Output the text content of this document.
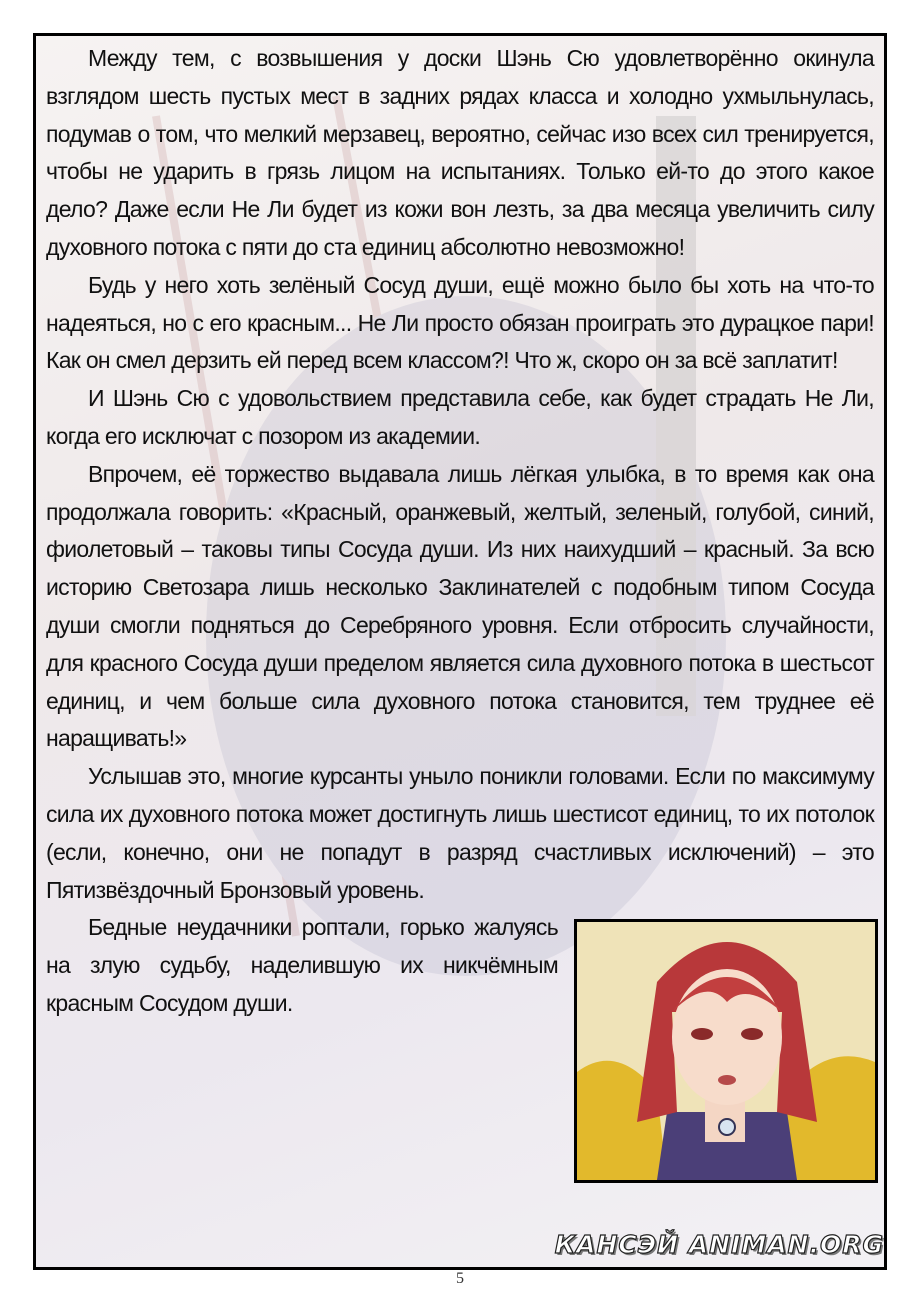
Между тем, с возвышения у доски Шэнь Сю удовлетворённо окинула взглядом шесть пустых мест в задних рядах класса и холодно ухмыльнулась, подумав о том, что мелкий мерзавец, вероятно, сейчас изо всех сил тренируется, чтобы не ударить в грязь лицом на испытаниях. Только ей-то до этого какое дело? Даже если Не Ли будет из кожи вон лезть, за два месяца увеличить силу духовного потока с пяти до ста единиц абсолютно невозможно!

Будь у него хоть зелёный Сосуд души, ещё можно было бы хоть на что-то надеяться, но с его красным... Не Ли просто обязан проиграть это дурацкое пари! Как он смел дерзить ей перед всем классом?! Что ж, скоро он за всё заплатит!

И Шэнь Сю с удовольствием представила себе, как будет страдать Не Ли, когда его исключат с позором из академии.

Впрочем, её торжество выдавала лишь лёгкая улыбка, в то время как она продолжала говорить: «Красный, оранжевый, желтый, зеленый, голубой, синий, фиолетовый – таковы типы Сосуда души. Из них наихудший – красный. За всю историю Светозара лишь несколько Заклинателей с подобным типом Сосуда души смогли подняться до Серебряного уровня. Если отбросить случайности, для красного Сосуда души пределом является сила духовного потока в шестьсот единиц, и чем больше сила духовного потока становится, тем труднее её наращивать!»

Услышав это, многие курсанты уныло поникли головами. Если по максимуму сила их духовного потока может достигнуть лишь шестисот единиц, то их потолок (если, конечно, они не попадут в разряд счастливых исключений) – это Пятизвёздочный Бронзовый уровень.

Бедные неудачники роптали, горько жалуясь на злую судьбу, наделившую их никчёмным красным Сосудом души.

КАНСЭЙ ANIMAN.ORG
5
